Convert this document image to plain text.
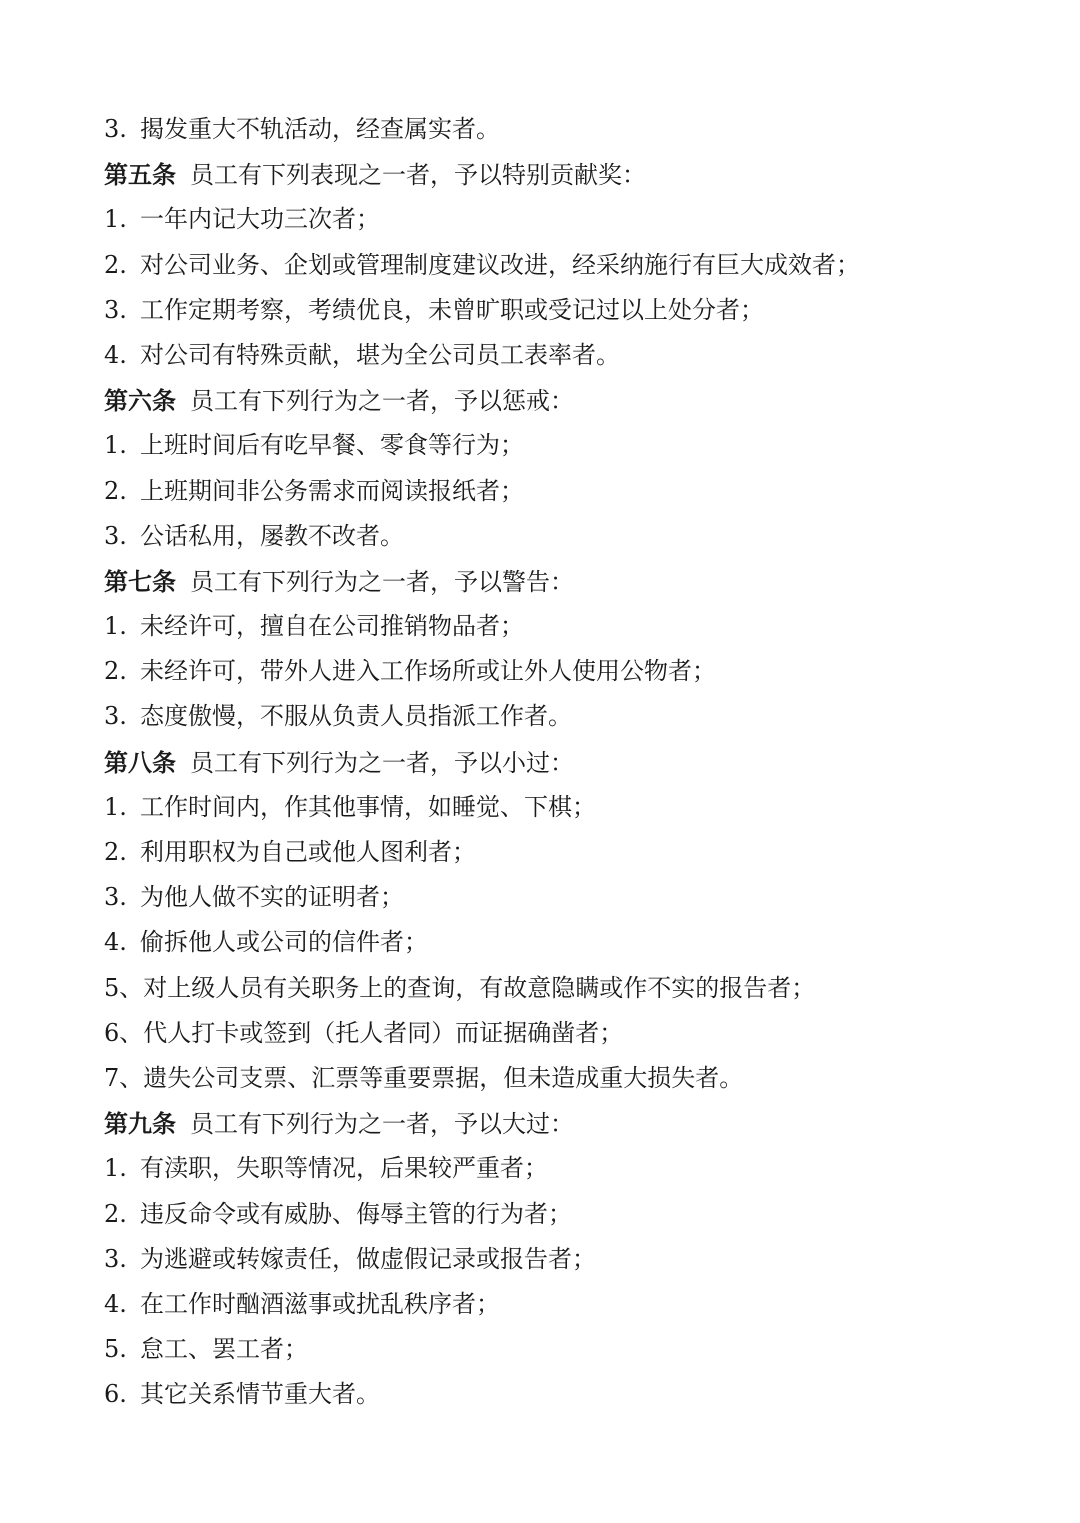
3. 揭发重大不轨活动，经查属实者。
第五条 员工有下列表现之一者，予以特别贡献奖：
1. 一年内记大功三次者；
2. 对公司业务、企划或管理制度建议改进，经采纳施行有巨大成效者；
3. 工作定期考察，考绩优良，未曾旷职或受记过以上处分者；
4. 对公司有特殊贡献，堪为全公司员工表率者。
第六条 员工有下列行为之一者，予以惩戒：
1. 上班时间后有吃早餐、零食等行为；
2. 上班期间非公务需求而阅读报纸者；
3. 公话私用，屡教不改者。
第七条 员工有下列行为之一者，予以警告：
1. 未经许可，擅自在公司推销物品者；
2. 未经许可，带外人进入工作场所或让外人使用公物者；
3. 态度傲慢，不服从负责人员指派工作者。
第八条 员工有下列行为之一者，予以小过：
1. 工作时间内，作其他事情，如睡觉、下棋；
2. 利用职权为自己或他人图利者；
3. 为他人做不实的证明者；
4. 偷拆他人或公司的信件者；
5、对上级人员有关职务上的查询，有故意隐瞒或作不实的报告者；
6、代人打卡或签到（托人者同）而证据确凿者；
7、遗失公司支票、汇票等重要票据，但未造成重大损失者。
第九条 员工有下列行为之一者，予以大过：
1. 有渎职，失职等情况，后果较严重者；
2. 违反命令或有威胁、侮辱主管的行为者；
3. 为逃避或转嫁责任，做虚假记录或报告者；
4. 在工作时酗酒滋事或扰乱秩序者；
5. 怠工、罢工者；
6. 其它关系情节重大者。
